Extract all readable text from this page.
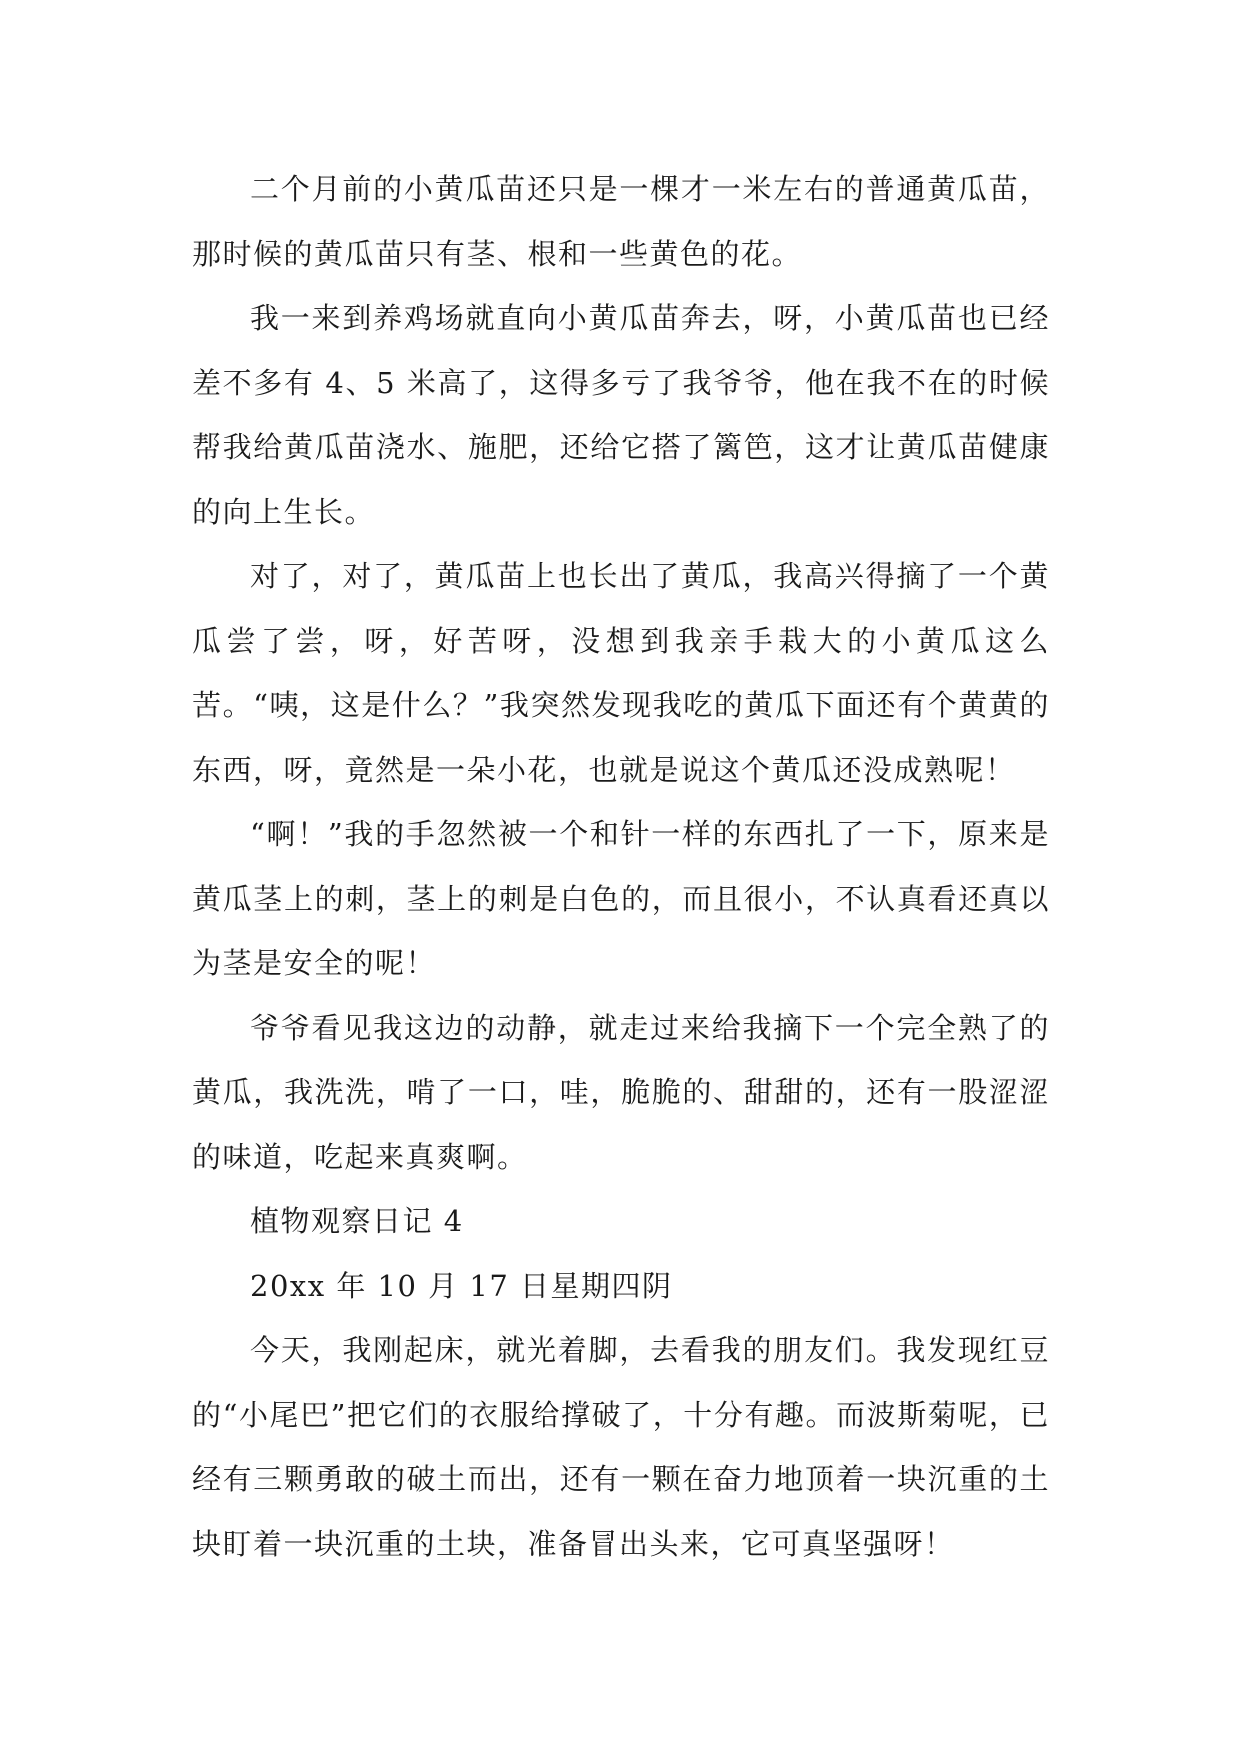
二个月前的小黄瓜苗还只是一棵才一米左右的普通黄瓜苗，那时候的黄瓜苗只有茎、根和一些黄色的花。

我一来到养鸡场就直向小黄瓜苗奔去，呀，小黄瓜苗也已经差不多有 4、5 米高了，这得多亏了我爷爷，他在我不在的时候帮我给黄瓜苗浇水、施肥，还给它搭了篱笆，这才让黄瓜苗健康的向上生长。

对了，对了，黄瓜苗上也长出了黄瓜，我高兴得摘了一个黄瓜尝了尝，呀，好苦呀，没想到我亲手栽大的小黄瓜这么苦。“咦，这是什么？”我突然发现我吃的黄瓜下面还有个黄黄的东西，呀，竟然是一朵小花，也就是说这个黄瓜还没成熟呢！

“啊！”我的手忽然被一个和针一样的东西扎了一下，原来是黄瓜茎上的刺，茎上的刺是白色的，而且很小，不认真看还真以为茎是安全的呢！

爷爷看见我这边的动静，就走过来给我摘下一个完全熟了的黄瓜，我洗洗，啃了一口，哇，脆脆的、甜甜的，还有一股涩涩的味道，吃起来真爽啊。

植物观察日记 4

20xx 年 10 月 17 日星期四阴

今天，我刚起床，就光着脚，去看我的朋友们。我发现红豆的“小尾巴”把它们的衣服给撑破了，十分有趣。而波斯菊呢，已经有三颗勇敢的破土而出，还有一颗在奋力地顶着一块沉重的土块盯着一块沉重的土块，准备冒出头来，它可真坚强呀！
